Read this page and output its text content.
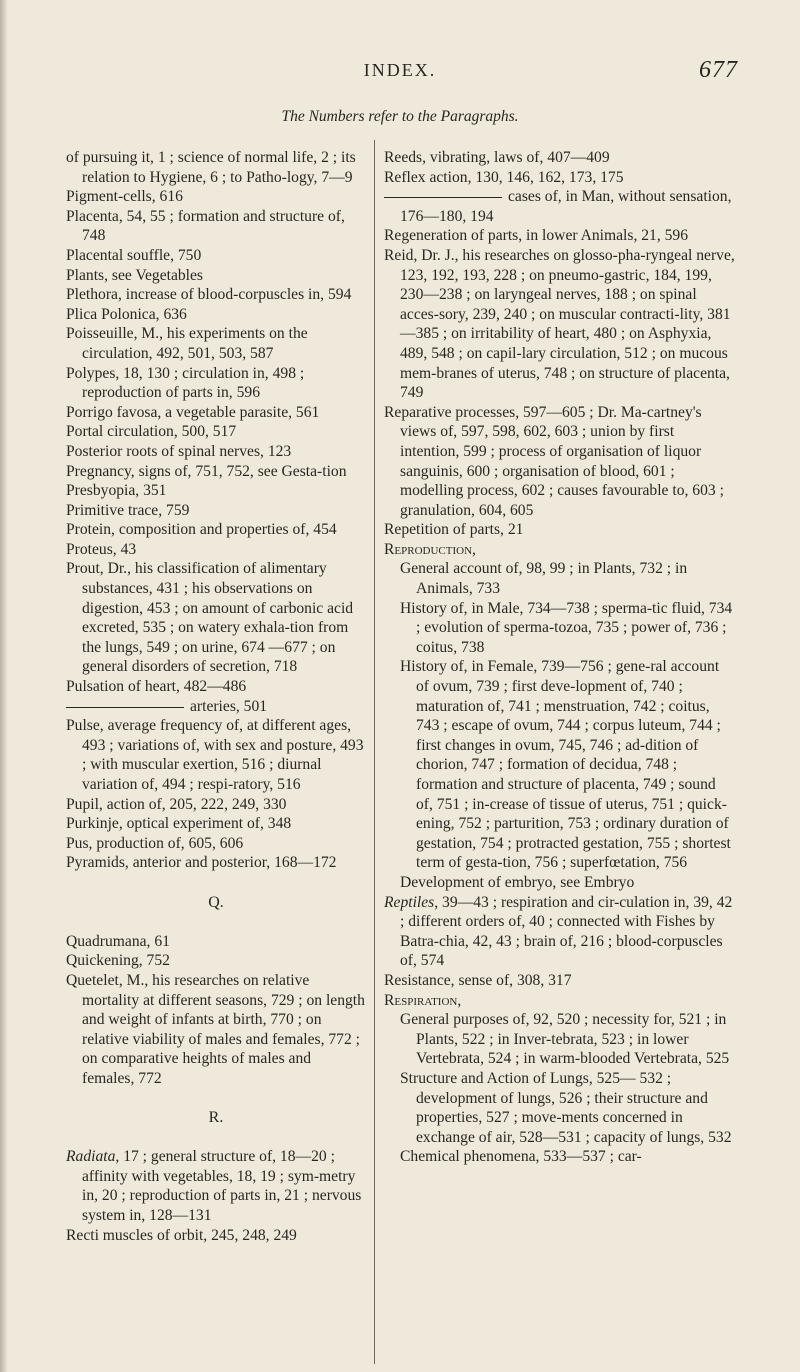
INDEX.	677
The Numbers refer to the Paragraphs.

of pursuing it, 1 ; science of normal life, 2 ; its relation to Hygiene, 6 ; to Patho-logy, 7—9

Pigment-cells, 616

Placenta, 54, 55 ; formation and structure of, 748

Placental souffle, 750

Plants, see Vegetables

Plethora, increase of blood-corpuscles in, 594

Plica Polonica, 636

Poisseuille, M., his experiments on the circulation, 492, 501, 503, 587

Polypes, 18, 130 ; circulation in, 498 ; reproduction of parts in, 596

Porrigo favosa, a vegetable parasite, 561

Portal circulation, 500, 517

Posterior roots of spinal nerves, 123

Pregnancy, signs of, 751, 752, see Gesta-tion

Presbyopia, 351

Primitive trace, 759

Protein, composition and properties of, 454

Proteus, 43

Prout, Dr., his classification of alimentary substances, 431 ; his observations on digestion, 453 ; on amount of carbonic acid excreted, 535 ; on watery exhala-tion from the lungs, 549 ; on urine, 674 —677 ; on general disorders of secretion, 718

Pulsation of heart, 482—486

arteries, 501

Pulse, average frequency of, at different ages, 493 ; variations of, with sex and posture, 493 ; with muscular exertion, 516 ; diurnal variation of, 494 ; respi-ratory, 516

Pupil, action of, 205, 222, 249, 330

Purkinje, optical experiment of, 348

Pus, production of, 605, 606

Pyramids, anterior and posterior, 168—172

Q.

Quadrumana, 61

Quickening, 752

Quetelet, M., his researches on relative mortality at different seasons, 729 ; on length and weight of infants at birth, 770 ; on relative viability of males and females, 772 ; on comparative heights of males and females, 772

R.

Radiata, 17 ; general structure of, 18—20 ; affinity with vegetables, 18, 19 ; sym-metry in, 20 ; reproduction of parts in, 21 ; nervous system in, 128—131

Recti muscles of orbit, 245, 248, 249

Reeds, vibrating, laws of, 407—409

Reflex action, 130, 146, 162, 173, 175

cases of, in Man, without sensation, 176—180, 194

Regeneration of parts, in lower Animals, 21, 596

Reid, Dr. J., his researches on glosso-pha-ryngeal nerve, 123, 192, 193, 228 ; on pneumo-gastric, 184, 199, 230—238 ; on laryngeal nerves, 188 ; on spinal acces-sory, 239, 240 ; on muscular contracti-lity, 381—385 ; on irritability of heart, 480 ; on Asphyxia, 489, 548 ; on capil-lary circulation, 512 ; on mucous mem-branes of uterus, 748 ; on structure of placenta, 749

Reparative processes, 597—605 ; Dr. Ma-cartney's views of, 597, 598, 602, 603 ; union by first intention, 599 ; process of organisation of liquor sanguinis, 600 ; organisation of blood, 601 ; modelling process, 602 ; causes favourable to, 603 ; granulation, 604, 605

Repetition of parts, 21

Reproduction,

General account of, 98, 99 ; in Plants, 732 ; in Animals, 733

History of, in Male, 734—738 ; sperma-tic fluid, 734 ; evolution of sperma-tozoa, 735 ; power of, 736 ; coitus, 738

History of, in Female, 739—756 ; gene-ral account of ovum, 739 ; first deve-lopment of, 740 ; maturation of, 741 ; menstruation, 742 ; coitus, 743 ; escape of ovum, 744 ; corpus luteum, 744 ; first changes in ovum, 745, 746 ; ad-dition of chorion, 747 ; formation of decidua, 748 ; formation and structure of placenta, 749 ; sound of, 751 ; in-crease of tissue of uterus, 751 ; quick-ening, 752 ; parturition, 753 ; ordinary duration of gestation, 754 ; protracted gestation, 755 ; shortest term of gesta-tion, 756 ; superfœtation, 756

Development of embryo, see Embryo

Reptiles, 39—43 ; respiration and cir-culation in, 39, 42 ; different orders of, 40 ; connected with Fishes by Batra-chia, 42, 43 ; brain of, 216 ; blood-corpuscles of, 574

Resistance, sense of, 308, 317

Respiration,

General purposes of, 92, 520 ; necessity for, 521 ; in Plants, 522 ; in Inver-tebrata, 523 ; in lower Vertebrata, 524 ; in warm-blooded Vertebrata, 525

Structure and Action of Lungs, 525— 532 ; development of lungs, 526 ; their structure and properties, 527 ; move-ments concerned in exchange of air, 528—531 ; capacity of lungs, 532

Chemical phenomena, 533—537 ; car-
